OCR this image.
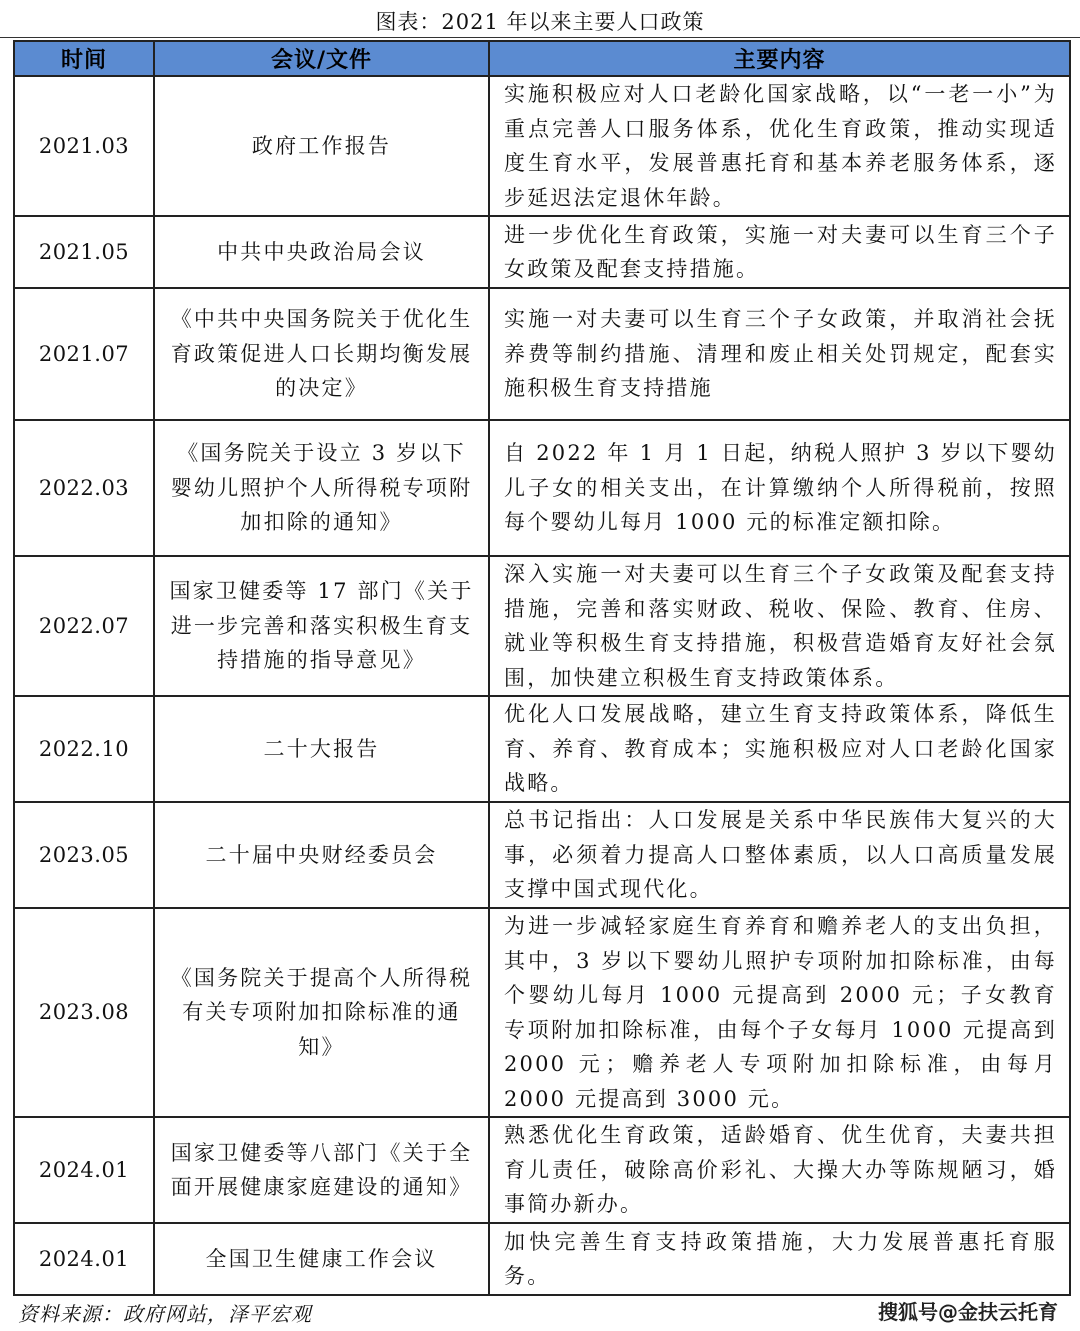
图表：2021 年以来主要人口政策
时间	会议/文件	主要内容
2021.03	政府工作报告	实施积极应对人口老龄化国家战略，以“一老一小”为重点完善人口服务体系，优化生育政策，推动实现适度生育水平，发展普惠托育和基本养老服务体系，逐步延迟法定退休年龄。
2021.05	中共中央政治局会议	进一步优化生育政策，实施一对夫妻可以生育三个子女政策及配套支持措施。
2021.07	《中共中央国务院关于优化生育政策促进人口长期均衡发展的决定》	实施一对夫妻可以生育三个子女政策，并取消社会抚养费等制约措施、清理和废止相关处罚规定，配套实施积极生育支持措施
2022.03	《国务院关于设立 3 岁以下婴幼儿照护个人所得税专项附加扣除的通知》	自 2022 年 1 月 1 日起，纳税人照护 3 岁以下婴幼儿子女的相关支出，在计算缴纳个人所得税前，按照每个婴幼儿每月 1000 元的标准定额扣除。
2022.07	国家卫健委等 17 部门《关于进一步完善和落实积极生育支持措施的指导意见》	深入实施一对夫妻可以生育三个子女政策及配套支持措施，完善和落实财政、税收、保险、教育、住房、就业等积极生育支持措施，积极营造婚育友好社会氛围，加快建立积极生育支持政策体系。
2022.10	二十大报告	优化人口发展战略，建立生育支持政策体系，降低生育、养育、教育成本；实施积极应对人口老龄化国家战略。
2023.05	二十届中央财经委员会	总书记指出：人口发展是关系中华民族伟大复兴的大事，必须着力提高人口整体素质，以人口高质量发展支撑中国式现代化。
2023.08	《国务院关于提高个人所得税有关专项附加扣除标准的通知》	为进一步减轻家庭生育养育和赡养老人的支出负担，其中，3 岁以下婴幼儿照护专项附加扣除标准，由每个婴幼儿每月 1000 元提高到 2000 元；子女教育专项附加扣除标准，由每个子女每月 1000 元提高到 2000 元；赡养老人专项附加扣除标准，由每月 2000 元提高到 3000 元。
2024.01	国家卫健委等八部门《关于全面开展健康家庭建设的通知》	熟悉优化生育政策，适龄婚育、优生优育，夫妻共担育儿责任，破除高价彩礼、大操大办等陈规陋习，婚事简办新办。
2024.01	全国卫生健康工作会议	加快完善生育支持政策措施，大力发展普惠托育服务。
资料来源：政府网站，泽平宏观	搜狐号@金扶云托育
